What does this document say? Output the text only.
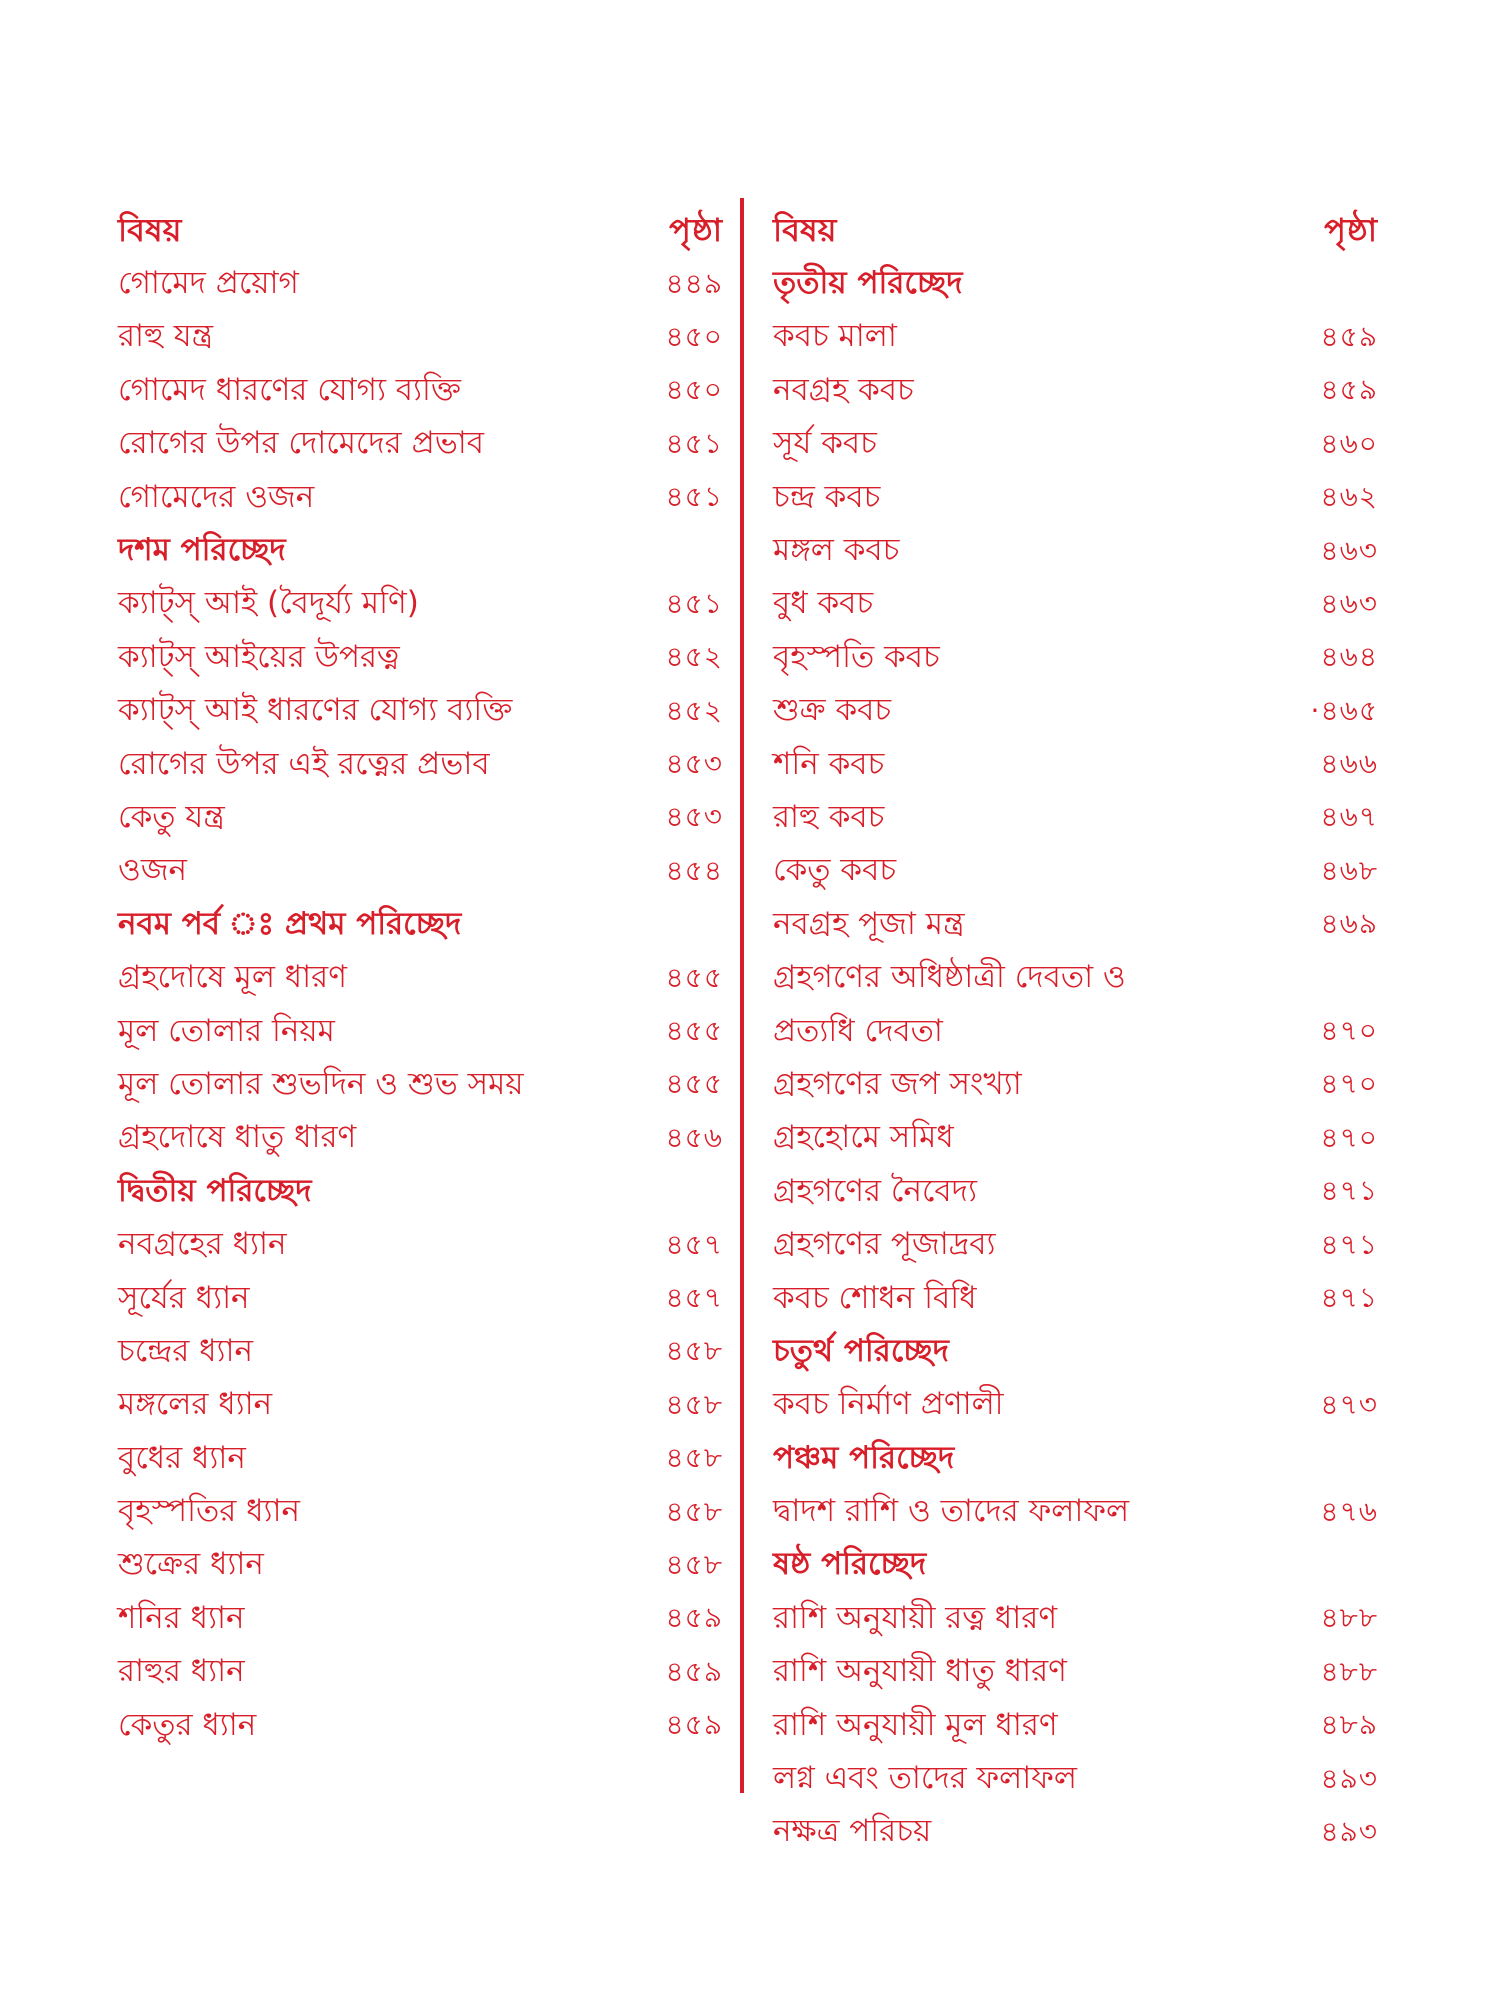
বিষয়	পৃষ্ঠা
গোমেদ প্রয়োগ	৪৪৯
রাহু যন্ত্র	৪৫০
গোমেদ ধারণের যোগ্য ব্যক্তি	৪৫০
রোগের উপর দোমেদের প্রভাব	৪৫১
গোমেদের ওজন	৪৫১
দশম পরিচ্ছেদ
ক্যাট্স্ আই (বৈদূর্য্য মণি)	৪৫১
ক্যাট্স্ আইয়ের উপরত্ন	৪৫২
ক্যাট্স্ আই ধারণের যোগ্য ব্যক্তি	৪৫২
রোগের উপর এই রত্নের প্রভাব	৪৫৩
কেতু যন্ত্র	৪৫৩
ওজন	৪৫৪
নবম পর্ব ঃ প্রথম পরিচ্ছেদ
গ্রহদোষে মূল ধারণ	৪৫৫
মূল তোলার নিয়ম	৪৫৫
মূল তোলার শুভদিন ও শুভ সময়	৪৫৫
গ্রহদোষে ধাতু ধারণ	৪৫৬
দ্বিতীয় পরিচ্ছেদ
নবগ্রহের ধ্যান	৪৫৭
সূর্যের ধ্যান	৪৫৭
চন্দ্রের ধ্যান	৪৫৮
মঙ্গলের ধ্যান	৪৫৮
বুধের ধ্যান	৪৫৮
বৃহস্পতির ধ্যান	৪৫৮
শুক্রের ধ্যান	৪৫৮
শনির ধ্যান	৪৫৯
রাহুর ধ্যান	৪৫৯
কেতুর ধ্যান	৪৫৯
বিষয়	পৃষ্ঠা
তৃতীয় পরিচ্ছেদ
কবচ মালা	৪৫৯
নবগ্রহ কবচ	৪৫৯
সূর্য কবচ	৪৬০
চন্দ্র কবচ	৪৬২
মঙ্গল কবচ	৪৬৩
বুধ কবচ	৪৬৩
বৃহস্পতি কবচ	৪৬৪
শুক্র কবচ	·৪৬৫
শনি কবচ	৪৬৬
রাহু কবচ	৪৬৭
কেতু কবচ	৪৬৮
নবগ্রহ পূজা মন্ত্র	৪৬৯
গ্রহগণের অধিষ্ঠাত্রী দেবতা ও
প্রত্যধি দেবতা	৪৭০
গ্রহগণের জপ সংখ্যা	৪৭০
গ্রহহোমে সমিধ	৪৭০
গ্রহগণের নৈবেদ্য	৪৭১
গ্রহগণের পূজাদ্রব্য	৪৭১
কবচ শোধন বিধি	৪৭১
চতুর্থ পরিচ্ছেদ
কবচ নির্মাণ প্রণালী	৪৭৩
পঞ্চম পরিচ্ছেদ
দ্বাদশ রাশি ও তাদের ফলাফল	৪৭৬
ষষ্ঠ পরিচ্ছেদ
রাশি অনুযায়ী রত্ন ধারণ	৪৮৮
রাশি অনুযায়ী ধাতু ধারণ	৪৮৮
রাশি অনুযায়ী মূল ধারণ	৪৮৯
লগ্ন এবং তাদের ফলাফল	৪৯৩
নক্ষত্র পরিচয়	৪৯৩
